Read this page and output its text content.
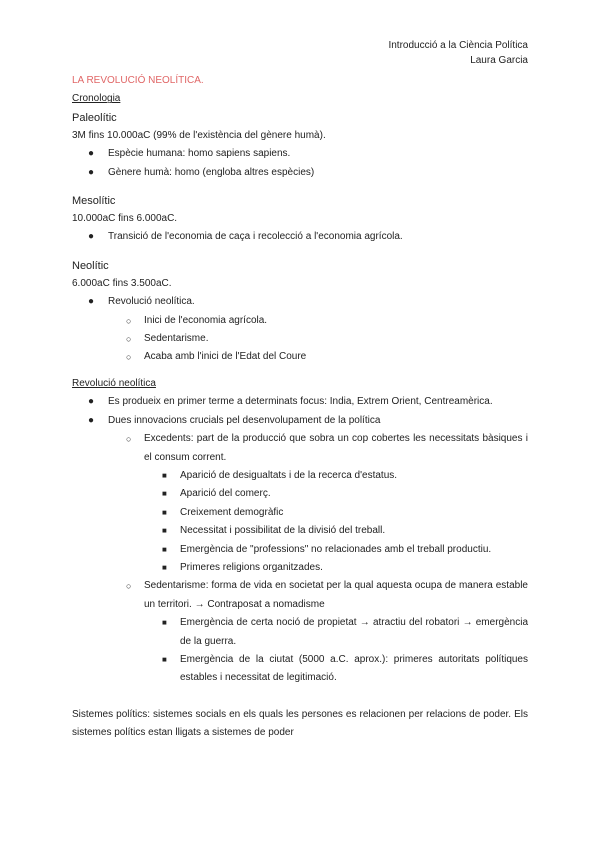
Introducció a la Ciència Política
Laura Garcia

LA REVOLUCIÓ NEOLÍTICA.

Cronologia

Paleolític

3M fins 10.000aC (99% de l'existència del gènere humà).

● Espècie humana: homo sapiens sapiens.
● Gènere humà: homo (engloba altres espècies)

Mesolític

10.000aC fins 6.000aC.

● Transició de l'economia de caça i recolecció a l'economia agrícola.

Neolític

6.000aC fins 3.500aC.

● Revolució neolítica.
○ Inici de l'economia agrícola.
○ Sedentarisme.
○ Acaba amb l'inici de l'Edat del Coure

Revolució neolítica

● Es produeix en primer terme a determinats focus: India, Extrem Orient, Centreamèrica.
● Dues innovacions crucials pel desenvolupament de la política
○ Excedents: part de la producció que sobra un cop cobertes les necessitats bàsiques i el consum corrent.
■ Aparició de desigualtats i de la recerca d'estatus.
■ Aparició del comerç.
■ Creixement demogràfic
■ Necessitat i possibilitat de la divisió del treball.
■ Emergència de "professions" no relacionades amb el treball productiu.
■ Primeres religions organitzades.
○ Sedentarisme: forma de vida en societat per la qual aquesta ocupa de manera estable un territori. → Contraposat a nomadisme
■ Emergència de certa noció de propietat → atractiu del robatori → emergència de la guerra.
■ Emergència de la ciutat (5000 a.C. aprox.): primeres autoritats polítiques estables i necessitat de legitimació.

Sistemes polítics: sistemes socials en els quals les persones es relacionen per relacions de poder. Els sistemes polítics estan lligats a sistemes de poder
